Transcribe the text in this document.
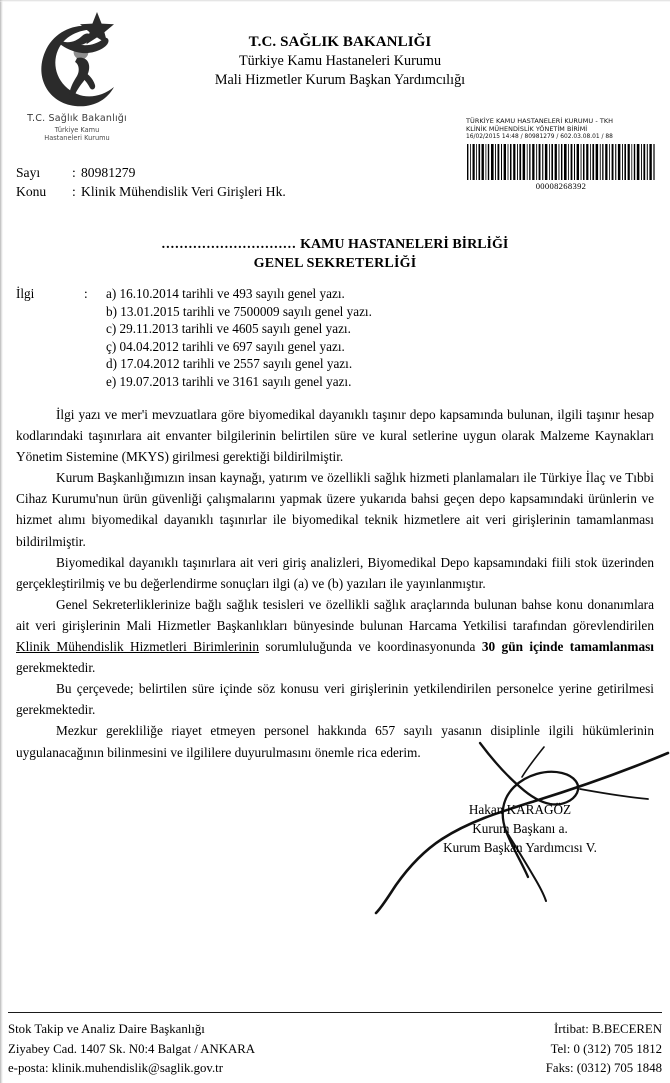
T.C. Sağlık Bakanlığı
Türkiye Kamu
Hastaneleri Kurumu
T.C. SAĞLIK BAKANLIĞI
Türkiye Kamu Hastaneleri Kurumu
Mali Hizmetler Kurum Başkan Yardımcılığı
TÜRKİYE KAMU HASTANELERİ KURUMU - TKH
KLİNİK MÜHENDİSLİK YÖNETİM BİRİMİ
16/02/2015 14:48 / 80981279 / 602.03.08.01 / 88
00008268392
Sayı	: 80981279
Konu	: Klinik Mühendislik Veri Girişleri Hk.
.............................. KAMU HASTANELERİ BİRLİĞİ
GENEL SEKRETERLİĞİ
İlgi	:	a) 16.10.2014 tarihli ve 493 sayılı genel yazı.
b) 13.01.2015 tarihli ve 7500009 sayılı genel yazı.
c) 29.11.2013 tarihli ve 4605 sayılı genel yazı.
ç) 04.04.2012 tarihli ve 697 sayılı genel yazı.
d) 17.04.2012 tarihli ve 2557 sayılı genel yazı.
e) 19.07.2013 tarihli ve 3161 sayılı genel yazı.

İlgi yazı ve mer'i mevzuatlara göre biyomedikal dayanıklı taşınır depo kapsamında bulunan, ilgili taşınır hesap kodlarındaki taşınırlara ait envanter bilgilerinin belirtilen süre ve kural setlerine uygun olarak Malzeme Kaynakları Yönetim Sistemine (MKYS) girilmesi gerektiği bildirilmiştir.

Kurum Başkanlığımızın insan kaynağı, yatırım ve özellikli sağlık hizmeti planlamaları ile Türkiye İlaç ve Tıbbi Cihaz Kurumu'nun ürün güvenliği çalışmalarını yapmak üzere yukarıda bahsi geçen depo kapsamındaki ürünlerin ve hizmet alımı biyomedikal dayanıklı taşınırlar ile biyomedikal teknik hizmetlere ait veri girişlerinin tamamlanması bildirilmiştir.

Biyomedikal dayanıklı taşınırlara ait veri giriş analizleri, Biyomedikal Depo kapsamındaki fiili stok üzerinden gerçekleştirilmiş ve bu değerlendirme sonuçları ilgi (a) ve (b) yazıları ile yayınlanmıştır.

Genel Sekreterliklerinize bağlı sağlık tesisleri ve özellikli sağlık araçlarında bulunan bahse konu donanımlara ait veri girişlerinin Mali Hizmetler Başkanlıkları bünyesinde bulunan Harcama Yetkilisi tarafından görevlendirilen Klinik Mühendislik Hizmetleri Birimlerinin sorumluluğunda ve koordinasyonunda 30 gün içinde tamamlanması gerekmektedir.

Bu çerçevede; belirtilen süre içinde söz konusu veri girişlerinin yetkilendirilen personelce yerine getirilmesi gerekmektedir.

Mezkur gerekliliğe riayet etmeyen personel hakkında 657 sayılı yasanın disiplinle ilgili hükümlerinin uygulanacağının bilinmesini ve ilgililere duyurulmasını önemle rica ederim.

Hakan KARAGÖZ
Kurum Başkanı a.
Kurum Başkan Yardımcısı V.
Stok Takip ve Analiz Daire Başkanlığı
Ziyabey Cad. 1407 Sk. N0:4 Balgat / ANKARA
e-posta: klinik.muhendislik@saglik.gov.tr
İrtibat: B.BECEREN
Tel: 0 (312) 705 1812
Faks: (0312) 705 1848
